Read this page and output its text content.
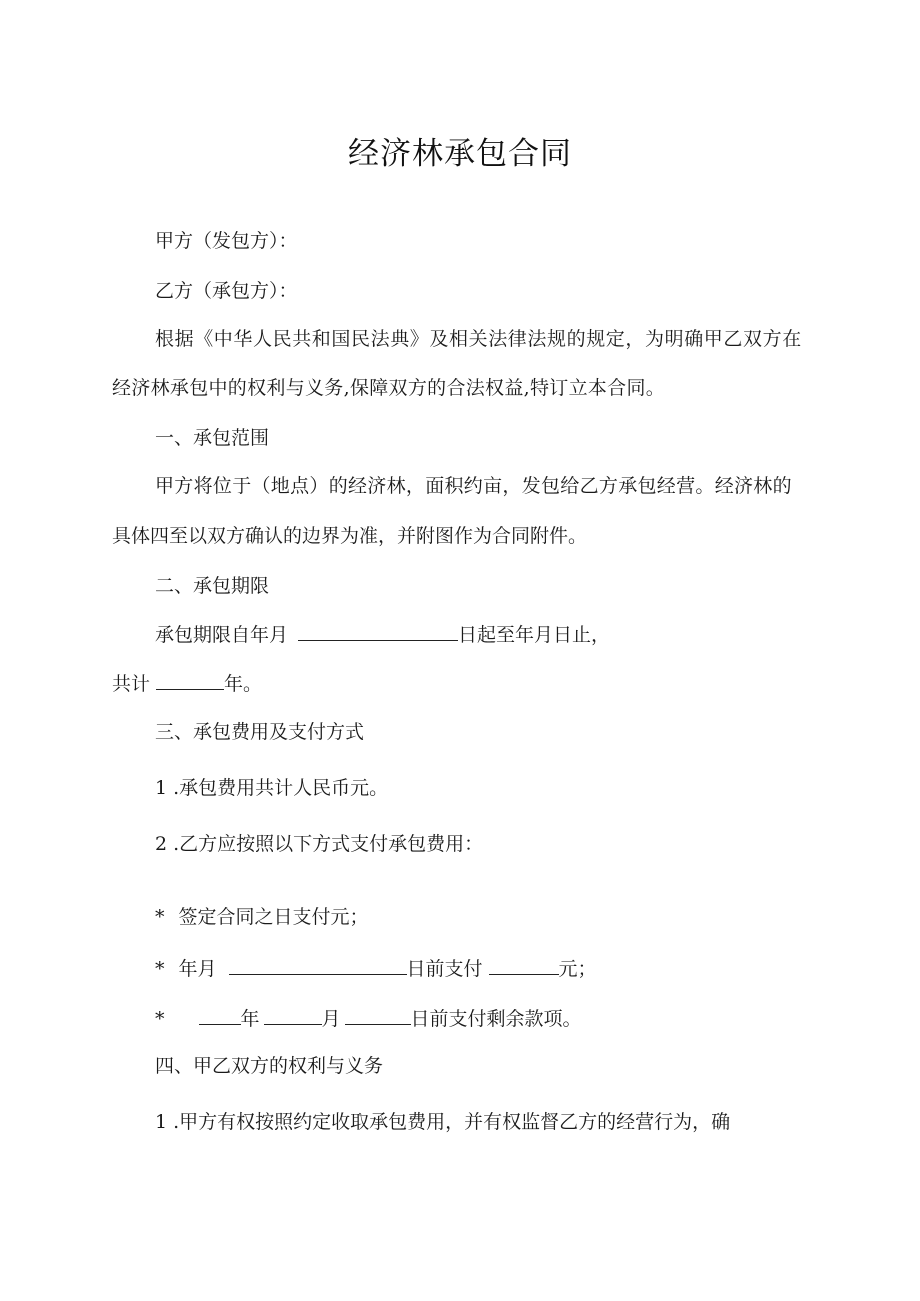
经济林承包合同
甲方（发包方）：
乙方（承包方）：
根据《中华人民共和国民法典》及相关法律法规的规定，为明确甲乙双方在
经济林承包中的权利与义务,保障双方的合法权益,特订立本合同。
一、承包范围
甲方将位于（地点）的经济林，面积约亩，发包给乙方承包经营。经济林的
具体四至以双方确认的边界为准，并附图作为合同附件。
二、承包期限
承包期限自年月	日起至年月日止，
共计	年。
三、承包费用及支付方式
1 .承包费用共计人民币元。
2 .乙方应按照以下方式支付承包费用：
* 签定合同之日支付元；
* 年月	日前支付	元；
*	年	月	日前支付剩余款项。
四、甲乙双方的权利与义务
1 .甲方有权按照约定收取承包费用，并有权监督乙方的经营行为，确
